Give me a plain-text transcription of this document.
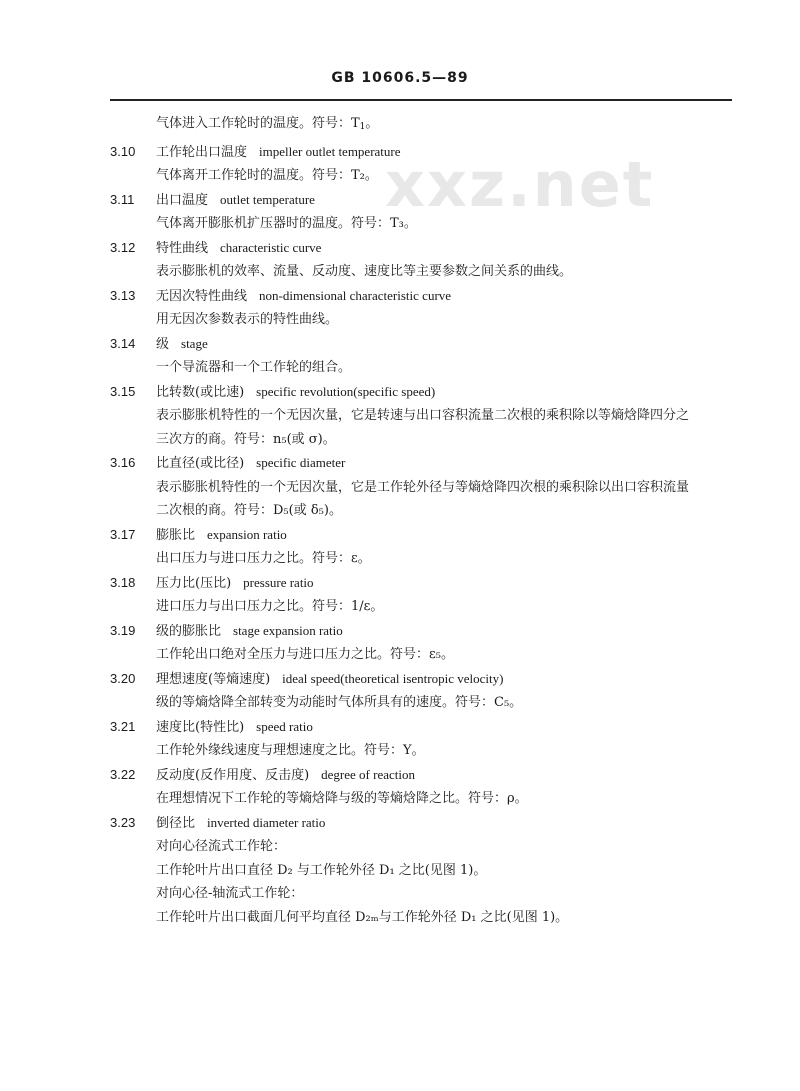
GB 10606.5—89
xxz.net
气体进入工作轮时的温度。符号：$T_1$。
3.10 工作轮出口温度 impeller outlet temperature
气体离开工作轮时的温度。符号：T₂。
3.11 出口温度 outlet temperature
气体离开膨胀机扩压器时的温度。符号：T₃。
3.12 特性曲线 characteristic curve
表示膨胀机的效率、流量、反动度、速度比等主要参数之间关系的曲线。
3.13 无因次特性曲线 non-dimensional characteristic curve
用无因次参数表示的特性曲线。
3.14 级 stage
一个导流器和一个工作轮的组合。
3.15 比转数(或比速) specific revolution(specific speed)
表示膨胀机特性的一个无因次量，它是转速与出口容积流量二次根的乘积除以等熵焓降四分之
三次方的商。符号：n₅(或 σ)。
3.16 比直径(或比径) specific diameter
表示膨胀机特性的一个无因次量，它是工作轮外径与等熵焓降四次根的乘积除以出口容积流量
二次根的商。符号：D₅(或 δ₅)。
3.17 膨胀比 expansion ratio
出口压力与进口压力之比。符号：ε。
3.18 压力比(压比) pressure ratio
进口压力与出口压力之比。符号：1/ε。
3.19 级的膨胀比 stage expansion ratio
工作轮出口绝对全压力与进口压力之比。符号：ε₅。
3.20 理想速度(等熵速度) ideal speed(theoretical isentropic velocity)
级的等熵焓降全部转变为动能时气体所具有的速度。符号：C₅。
3.21 速度比(特性比) speed ratio
工作轮外缘线速度与理想速度之比。符号：Y。
3.22 反动度(反作用度、反击度) degree of reaction
在理想情况下工作轮的等熵焓降与级的等熵焓降之比。符号：ρ。
3.23 倒径比 inverted diameter ratio
对向心径流式工作轮：
工作轮叶片出口直径 D₂ 与工作轮外径 D₁ 之比(见图 1)。
对向心径-轴流式工作轮：
工作轮叶片出口截面几何平均直径 D₂ₘ与工作轮外径 D₁ 之比(见图 1)。
